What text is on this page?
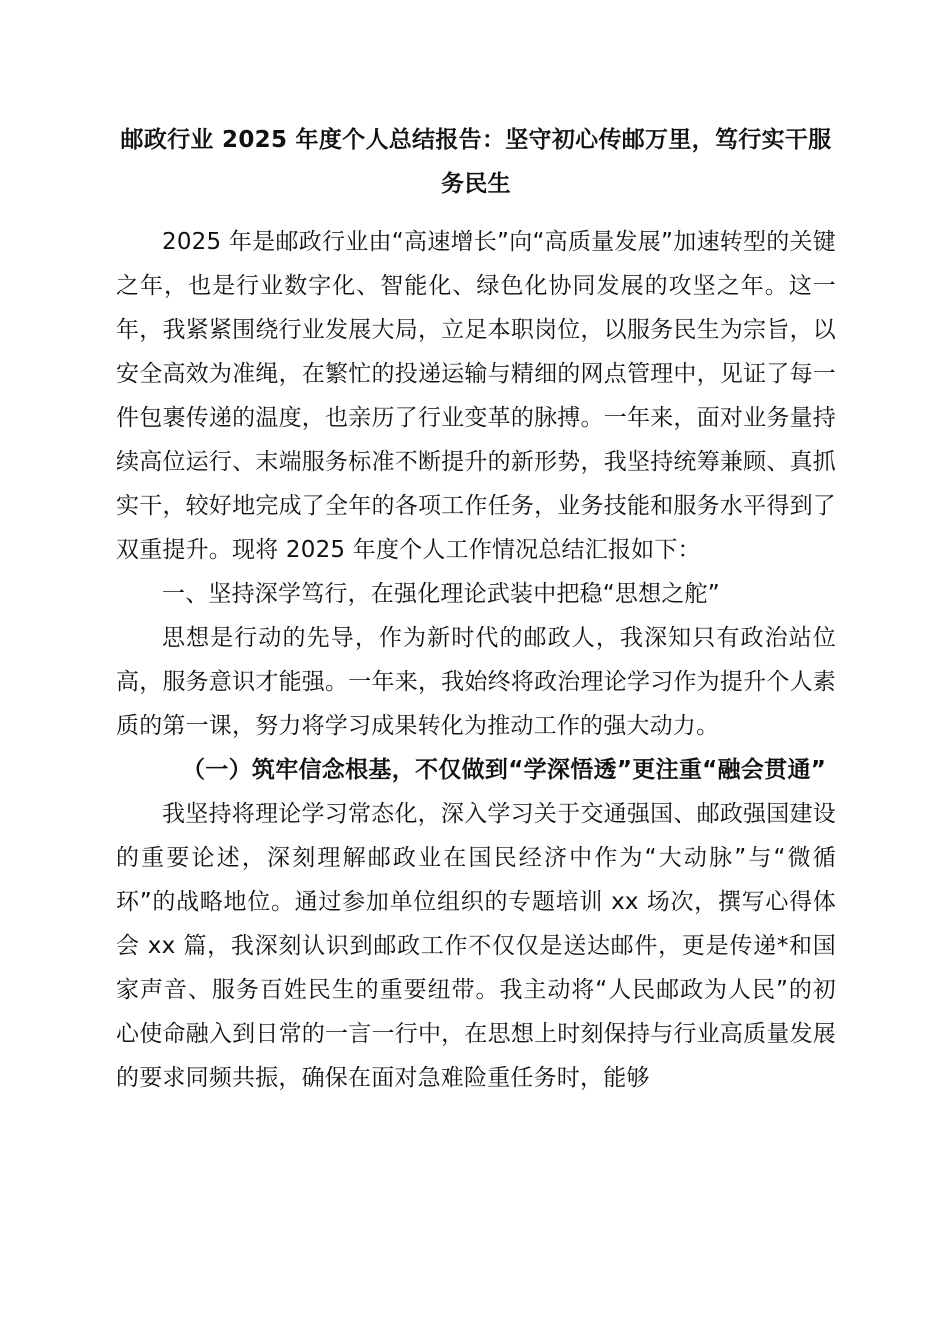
邮政行业 2025 年度个人总结报告：坚守初心传邮万里，笃行实干服务民生

2025 年是邮政行业由“高速增长”向“高质量发展”加速转型的关键之年，也是行业数字化、智能化、绿色化协同发展的攻坚之年。这一年，我紧紧围绕行业发展大局，立足本职岗位，以服务民生为宗旨，以安全高效为准绳，在繁忙的投递运输与精细的网点管理中，见证了每一件包裹传递的温度，也亲历了行业变革的脉搏。一年来，面对业务量持续高位运行、末端服务标准不断提升的新形势，我坚持统筹兼顾、真抓实干，较好地完成了全年的各项工作任务，业务技能和服务水平得到了双重提升。现将 2025 年度个人工作情况总结汇报如下：

一、坚持深学笃行，在强化理论武装中把稳“思想之舵”

思想是行动的先导，作为新时代的邮政人，我深知只有政治站位高，服务意识才能强。一年来，我始终将政治理论学习作为提升个人素质的第一课，努力将学习成果转化为推动工作的强大动力。

（一）筑牢信念根基，不仅做到“学深悟透”更注重“融会贯通”

我坚持将理论学习常态化，深入学习关于交通强国、邮政强国建设的重要论述，深刻理解邮政业在国民经济中作为“大动脉”与“微循环”的战略地位。通过参加单位组织的专题培训 xx 场次，撰写心得体会 xx 篇，我深刻认识到邮政工作不仅仅是送达邮件，更是传递*和国家声音、服务百姓民生的重要纽带。我主动将“人民邮政为人民”的初心使命融入到日常的一言一行中，在思想上时刻保持与行业高质量发展的要求同频共振，确保在面对急难险重任务时，能够
